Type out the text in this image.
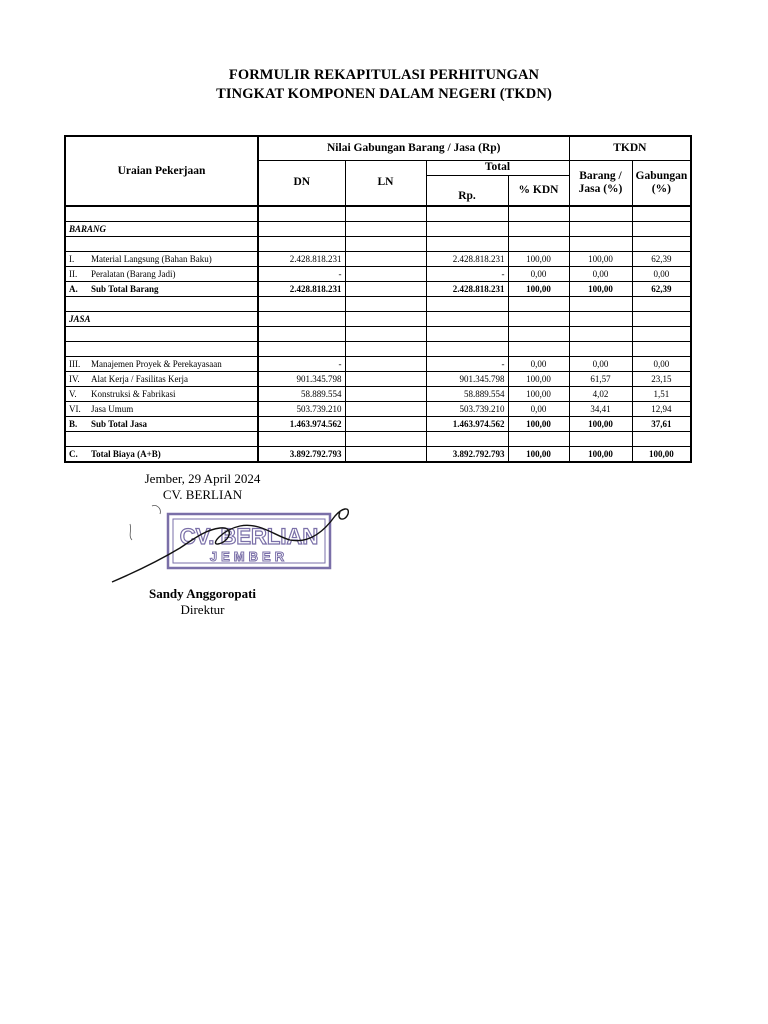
FORMULIR REKAPITULASI PERHITUNGAN
TINGKAT KOMPONEN DALAM NEGERI (TKDN)
Uraian Pekerjaan	Nilai Gabungan Barang / Jasa (Rp)				TKDN	
	DN	LN	Total		Barang / Jasa (%)	Gabungan (%)
			Rp.	% KDN		

BARANG						

I. Material Langsung (Bahan Baku)	2.428.818.231		2.428.818.231	100,00	100,00	62,39
II. Peralatan (Barang Jadi)	-		-	0,00	0,00	0,00
A. Sub Total Barang	2.428.818.231		2.428.818.231	100,00	100,00	62,39

JASA						

III. Manajemen Proyek & Perekayasaan	-		-	0,00	0,00	0,00
IV. Alat Kerja / Fasilitas Kerja	901.345.798		901.345.798	100,00	61,57	23,15
V. Konstruksi & Fabrikasi	58.889.554		58.889.554	100,00	4,02	1,51
VI. Jasa Umum	503.739.210		503.739.210	0,00	34,41	12,94
B. Sub Total Jasa	1.463.974.562		1.463.974.562	100,00	100,00	37,61

C. Total Biaya (A+B)	3.892.792.793		3.892.792.793	100,00	100,00	100,00
Jember, 29 April 2024
CV. BERLIAN
CV. BERLIAN
JEMBER
Sandy Anggoropati
Direktur
